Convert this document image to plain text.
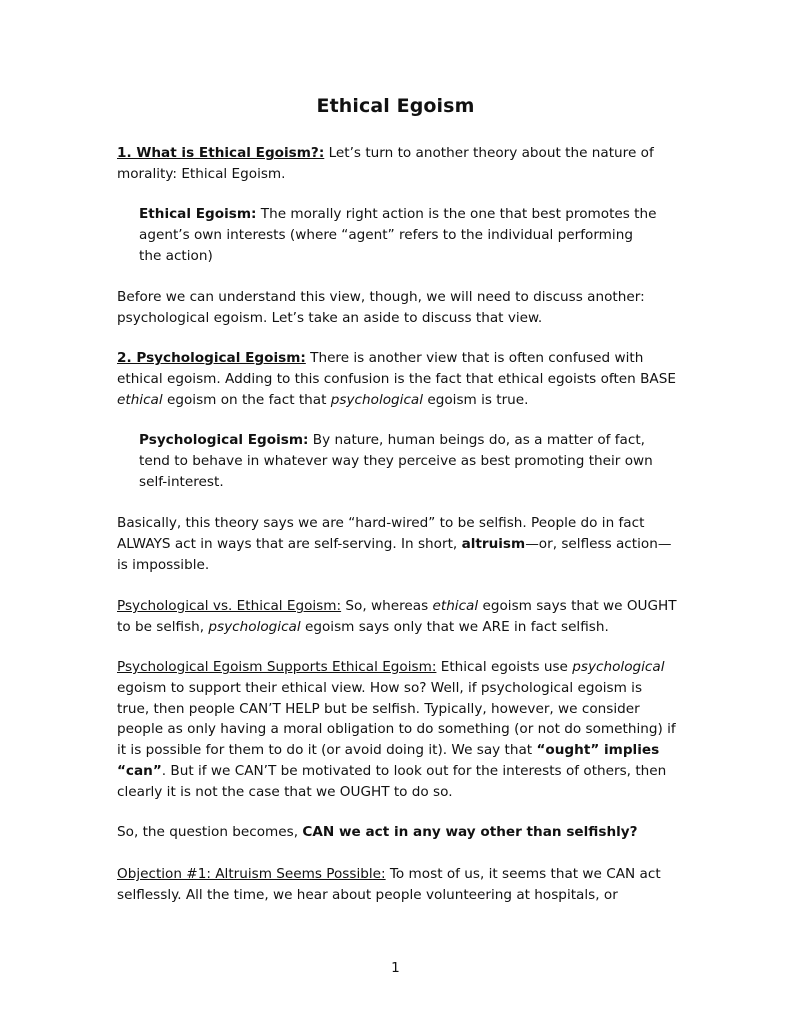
Ethical Egoism
1. What is Ethical Egoism?: Let’s turn to another theory about the nature of morality: Ethical Egoism.
Ethical Egoism: The morally right action is the one that best promotes the agent’s own interests (where “agent” refers to the individual performing the action)
Before we can understand this view, though, we will need to discuss another: psychological egoism. Let’s take an aside to discuss that view.
2. Psychological Egoism: There is another view that is often confused with ethical egoism. Adding to this confusion is the fact that ethical egoists often BASE ethical egoism on the fact that psychological egoism is true.
Psychological Egoism: By nature, human beings do, as a matter of fact, tend to behave in whatever way they perceive as best promoting their own self-interest.
Basically, this theory says we are “hard-wired” to be selfish. People do in fact ALWAYS act in ways that are self-serving. In short, altruism—or, selfless action—is impossible.
Psychological vs. Ethical Egoism: So, whereas ethical egoism says that we OUGHT to be selfish, psychological egoism says only that we ARE in fact selfish.
Psychological Egoism Supports Ethical Egoism: Ethical egoists use psychological egoism to support their ethical view. How so? Well, if psychological egoism is true, then people CAN’T HELP but be selfish. Typically, however, we consider people as only having a moral obligation to do something (or not do something) if it is possible for them to do it (or avoid doing it). We say that “ought” implies “can”. But if we CAN’T be motivated to look out for the interests of others, then clearly it is not the case that we OUGHT to do so.
So, the question becomes, CAN we act in any way other than selfishly?
Objection #1: Altruism Seems Possible: To most of us, it seems that we CAN act selflessly. All the time, we hear about people volunteering at hospitals, or
1
